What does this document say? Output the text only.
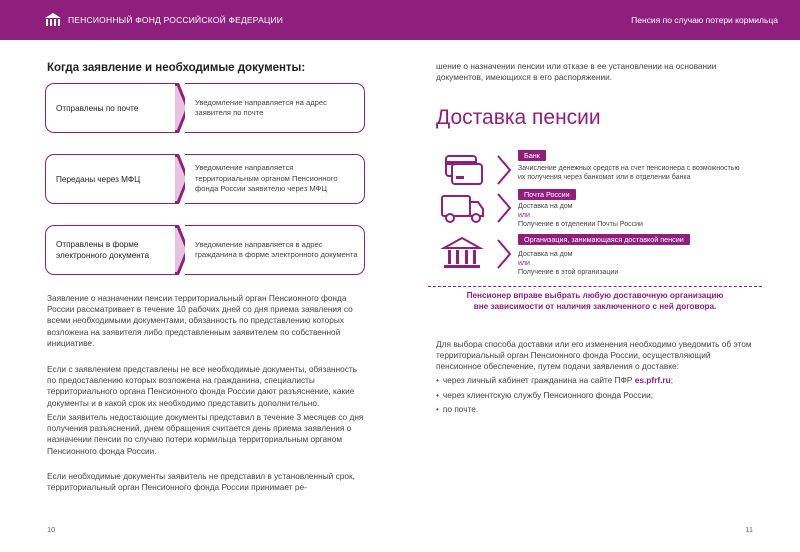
ПЕНСИОННЫЙ ФОНД РОССИЙСКОЙ ФЕДЕРАЦИИ	Пенсия по случаю потери кормильца
Когда заявление и необходимые документы:
Отправлены по почте
Уведомление направляется на адрес заявителя по почте
Переданы через МФЦ
Уведомление направляется территориальным органом Пенсионного фонда России заявителю через МФЦ
Отправлены в форме электронного документа
Уведомление направляется в адрес гражданина в форме электронного документа

Заявление о назначении пенсии территориальный орган Пенсионного фонда России рассматривает в течение 10 рабочих дней со дня приема заявления со всеми необходимыми документами, обязанность по представлению которых возложена на заявителя либо представленным заявителем по собственной инициативе.

Если с заявлением представлены не все необходимые документы, обязанность по предоставлению которых возложена на гражданина, специалисты территориального органа Пенсионного фонда России дают разъяснение, какие документы и в какой срок их необходимо представить дополнительно.

Если заявитель недостающие документы представил в течение 3 месяцев со дня получения разъяснений, днем обращения считается день приема заявления о назначении пенсии по случаю потери кормильца территориальным органом Пенсионного фонда России.

Если необходимые документы заявитель не представил в установленный срок, территориальный орган Пенсионного фонда России принимает ре-

10

шение о назначении пенсии или отказе в ее установлении на основании документов, имеющихся в его распоряжении.

Доставка пенсии
Банк
Зачисление денежных средств на счет пенсионера с возможностью
их получения через банкомат или в отделении банка
Почта России
Доставка на дом
или
Получение в отделении Почты России
Организация, занимающаяся доставкой пенсии
Доставка на дом
или
Получение в этой организации
Пенсионер вправе выбрать любую доставочную организацию
вне зависимости от наличия заключенного с ней договора.

Для выбора способа доставки или его изменения необходимо уведомить об этом территориальный орган Пенсионного фонда России, осуществляющий пенсионное обеспечение, путем подачи заявления о доставке:

• через личный кабинет гражданина на сайте ПФР es.pfrf.ru;
• через клиентскую службу Пенсионного фонда России;
• по почте.
11
